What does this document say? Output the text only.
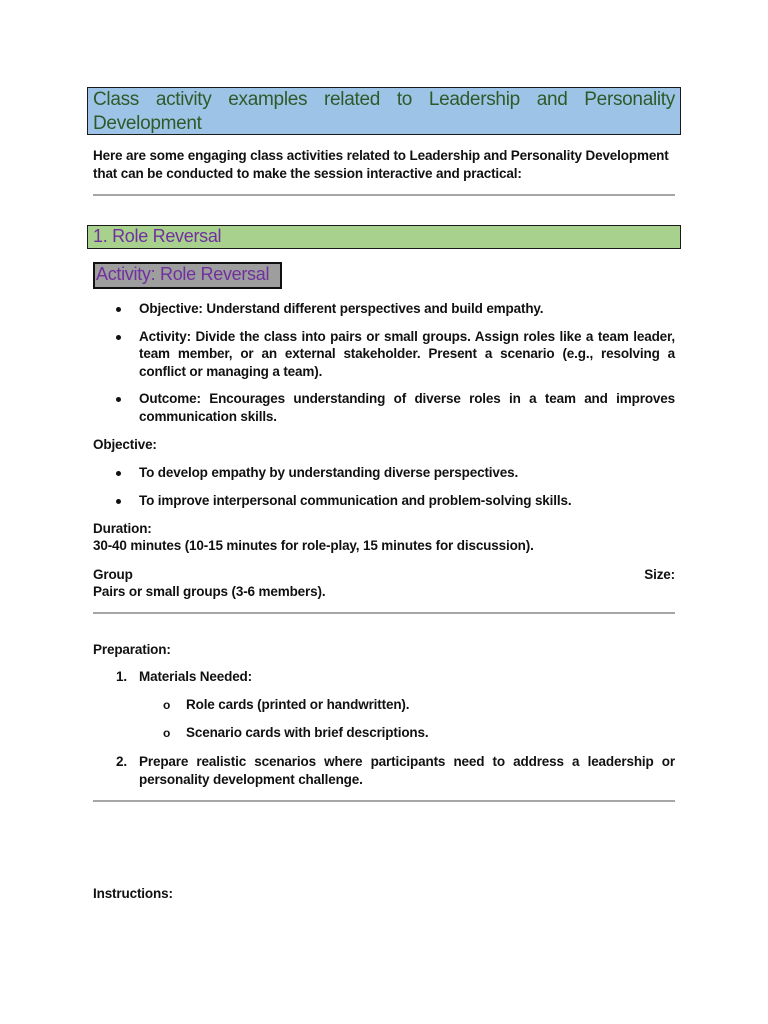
Class activity examples related to Leadership and Personality Development
Here are some engaging class activities related to Leadership and Personality Development that can be conducted to make the session interactive and practical:
1. Role Reversal
Activity: Role Reversal
Objective: Understand different perspectives and build empathy.
Activity: Divide the class into pairs or small groups. Assign roles like a team leader, team member, or an external stakeholder. Present a scenario (e.g., resolving a conflict or managing a team).
Outcome: Encourages understanding of diverse roles in a team and improves communication skills.
Objective:
To develop empathy by understanding diverse perspectives.
To improve interpersonal communication and problem-solving skills.
Duration:
30-40 minutes (10-15 minutes for role-play, 15 minutes for discussion).
Group	Size:
Pairs or small groups (3-6 members).
Preparation:
1. Materials Needed:
o Role cards (printed or handwritten).
o Scenario cards with brief descriptions.
2. Prepare realistic scenarios where participants need to address a leadership or personality development challenge.
Instructions:
